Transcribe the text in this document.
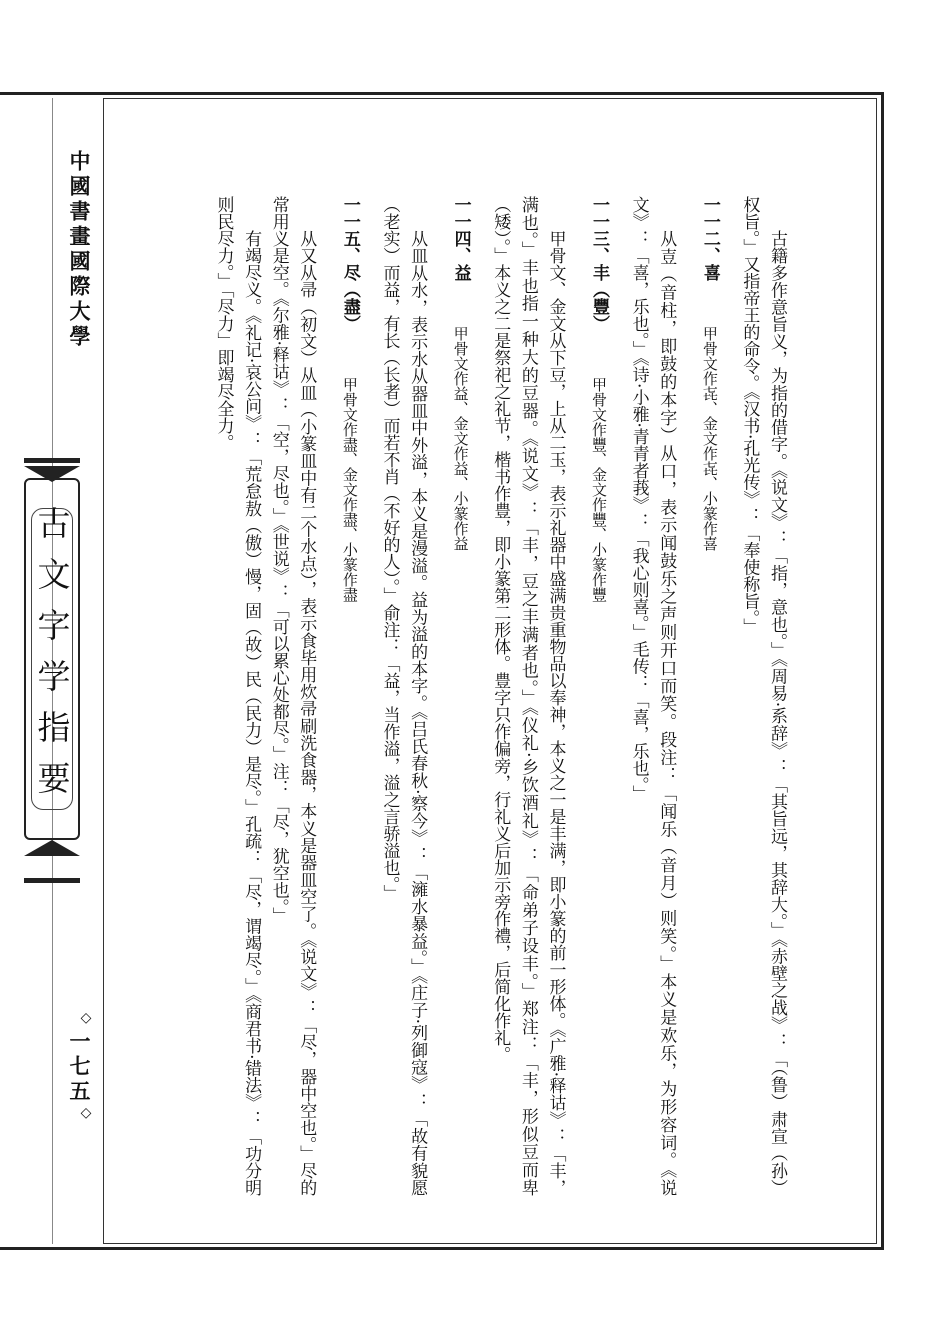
中國書畫國際大學
古文字学指要
◇
一七五
◇	古籍多作意旨义，为指的借字。《说文》：「指，意也。」《周易·系辞》：「其旨远，其辞大。」《赤壁之战》：「（鲁）肃宣（孙）权旨。」又指帝王的命令。《汉书·孔光传》：「奉使称旨。」

一一二、喜甲骨文作㐂、金文作㐂、小篆作喜

从壴（音柱，即鼓的本字）从口，表示闻鼓乐之声则开口而笑。段注：「闻乐（音月）则笑。」本义是欢乐，为形容词。《说文》：「喜，乐也。」《诗·小雅·青青者莪》：「我心则喜。」毛传：「喜，乐也。」

一一三、丰（豐）甲骨文作豐、金文作豐、小篆作豐

甲骨文、金文从下豆，上从二玉，表示礼器中盛满贵重物品以奉神，本义之一是丰满，即小篆的前一形体。《广雅·释诂》：「丰，满也。」丰也指一种大的豆器。《说文》：「丰，豆之丰满者也。」《仪礼·乡饮酒礼》：「命弟子设丰。」郑注：「丰，形似豆而卑（矮）。」本义之二是祭祀之礼节，楷书作豊，即小篆第二形体。豊字只作偏旁，行礼义后加示旁作禮，后简化作礼。

一一四、益甲骨文作益、金文作益、小篆作益

从皿从水，表示水从器皿中外溢，本义是漫溢。益为溢的本字。《吕氏春秋·察今》：「澭水暴益。」《庄子·列御寇》：「故有貌愿（老实）而益，有长（长者）而若不肖（不好的人）。」俞注：「益，当作溢，溢之言骄溢也。」

一一五、尽（盡）甲骨文作盡、金文作盡、小篆作盡

从又从帚（初文）从皿（小篆皿中有二个水点），表示食毕用炊帚刷洗食器，本义是器皿空了。《说文》：「尽，器中空也。」尽的常用义是空。《尔雅·释诂》：「空，尽也。」《世说》：「可以累心处都尽。」注：「尽，犹空也。」

有竭尽义。《礼记·哀公问》：「荒怠敖（傲）慢，固（故）民（民力）是尽。」孔疏：「尽，谓竭尽。」《商君书·错法》：「功分明则民尽力。」「尽力」即竭尽全力。
